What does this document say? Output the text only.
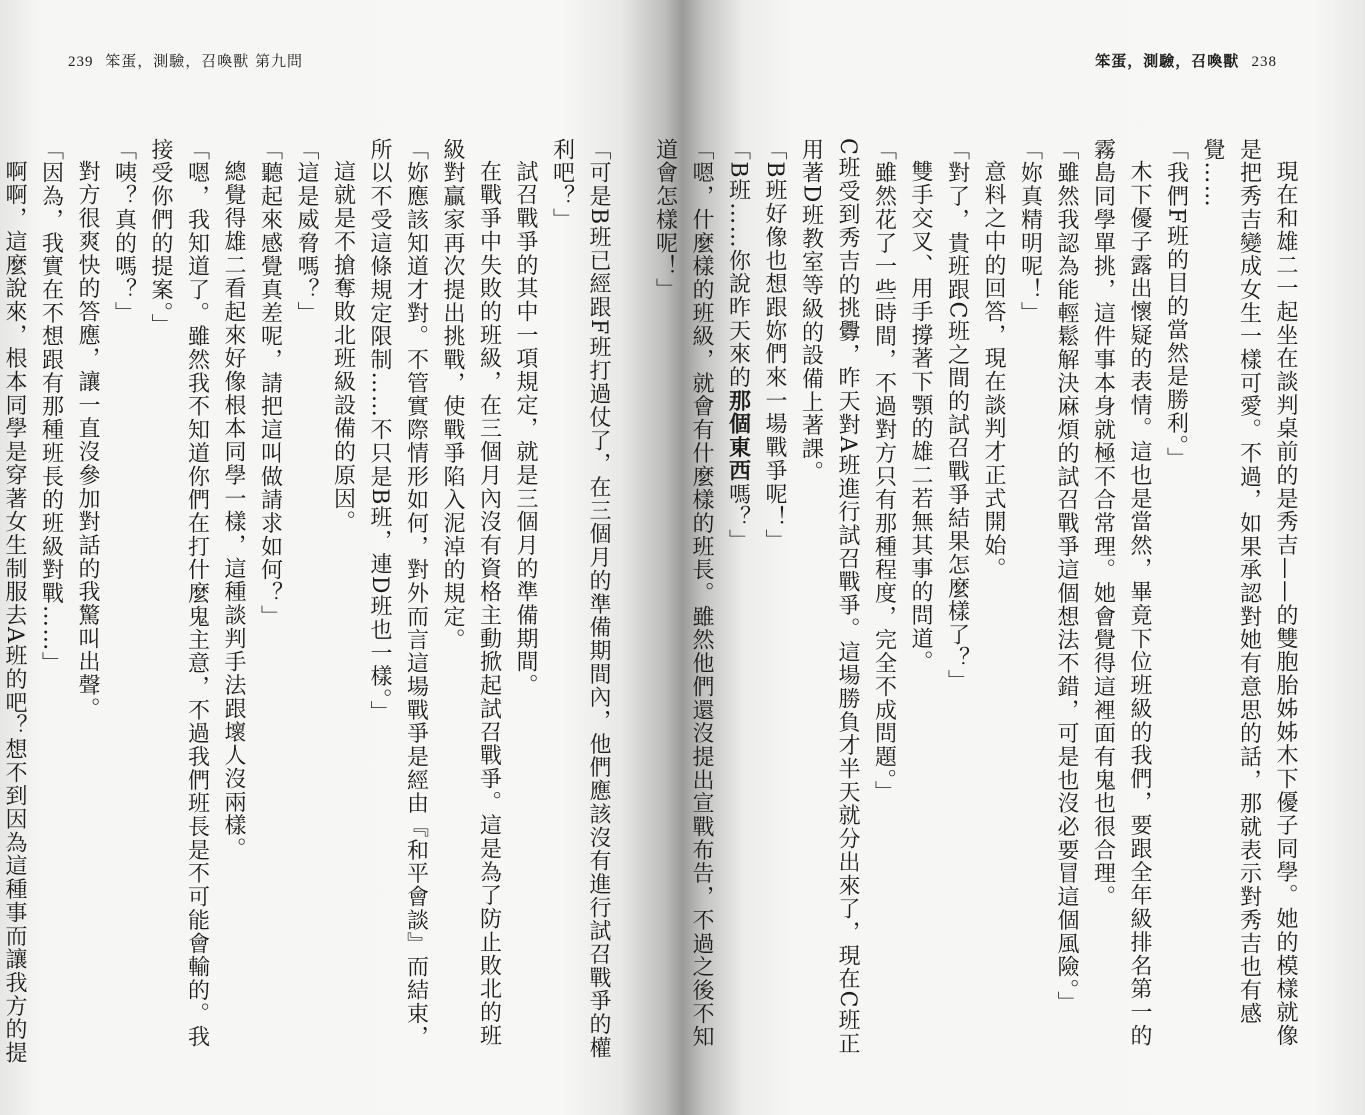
239 笨蛋，測驗，召喚獸 第九問

「可是B班已經跟F班打過仗了，在三個月的準備期間內，他們應該沒有進行試召戰爭的權利吧？」

試召戰爭的其中一項規定，就是三個月的準備期間。

在戰爭中失敗的班級，在三個月內沒有資格主動掀起試召戰爭。這是為了防止敗北的班級對贏家再次提出挑戰，使戰爭陷入泥淖的規定。

「妳應該知道才對。不管實際情形如何，對外而言這場戰爭是經由『和平會談』而結束，所以不受這條規定限制……不只是B班，連D班也一樣。」

這就是不搶奪敗北班級設備的原因。

「這是威脅嗎？」

「聽起來感覺真差呢，請把這叫做請求如何？」

總覺得雄二看起來好像根本同學一樣，這種談判手法跟壞人沒兩樣。

「嗯，我知道了。雖然我不知道你們在打什麼鬼主意，不過我們班長是不可能會輸的。我接受你們的提案。」

「咦？真的嗎？」

對方很爽快的答應，讓一直沒參加對話的我驚叫出聲。

「因為，我實在不想跟有那種班長的班級對戰……」

啊啊，這麼說來，根本同學是穿著女生制服去A班的吧？想不到因為這種事而讓我方的提

笨蛋，測驗，召喚獸 238

現在和雄二一起坐在談判桌前的是秀吉——的雙胞胎姊姊木下優子同學。她的模樣就像是把秀吉變成女生一樣可愛。不過，如果承認對她有意思的話，那就表示對秀吉也有感覺……

「我們F班的目的當然是勝利。」

木下優子露出懷疑的表情。這也是當然，畢竟下位班級的我們，要跟全年級排名第一的霧島同學單挑，這件事本身就極不合常理。她會覺得這裡面有鬼也很合理。

「雖然我認為能輕鬆解決麻煩的試召戰爭這個想法不錯，可是也沒必要冒這個風險。」

「妳真精明呢！」

意料之中的回答，現在談判才正式開始。

「對了，貴班跟C班之間的試召戰爭結果怎麼樣了？」

雙手交叉、用手撐著下顎的雄二若無其事的問道。

「雖然花了一些時間，不過對方只有那種程度，完全不成問題。」

C班受到秀吉的挑釁，昨天對A班進行試召戰爭。這場勝負才半天就分出來了，現在C班正用著D班教室等級的設備上著課。

「B班好像也想跟妳們來一場戰爭呢！」

「B班……你說昨天來的那個東西嗎？」

「嗯，什麼樣的班級，就會有什麼樣的班長。雖然他們還沒提出宣戰布告，不過之後不知道會怎樣呢！」
